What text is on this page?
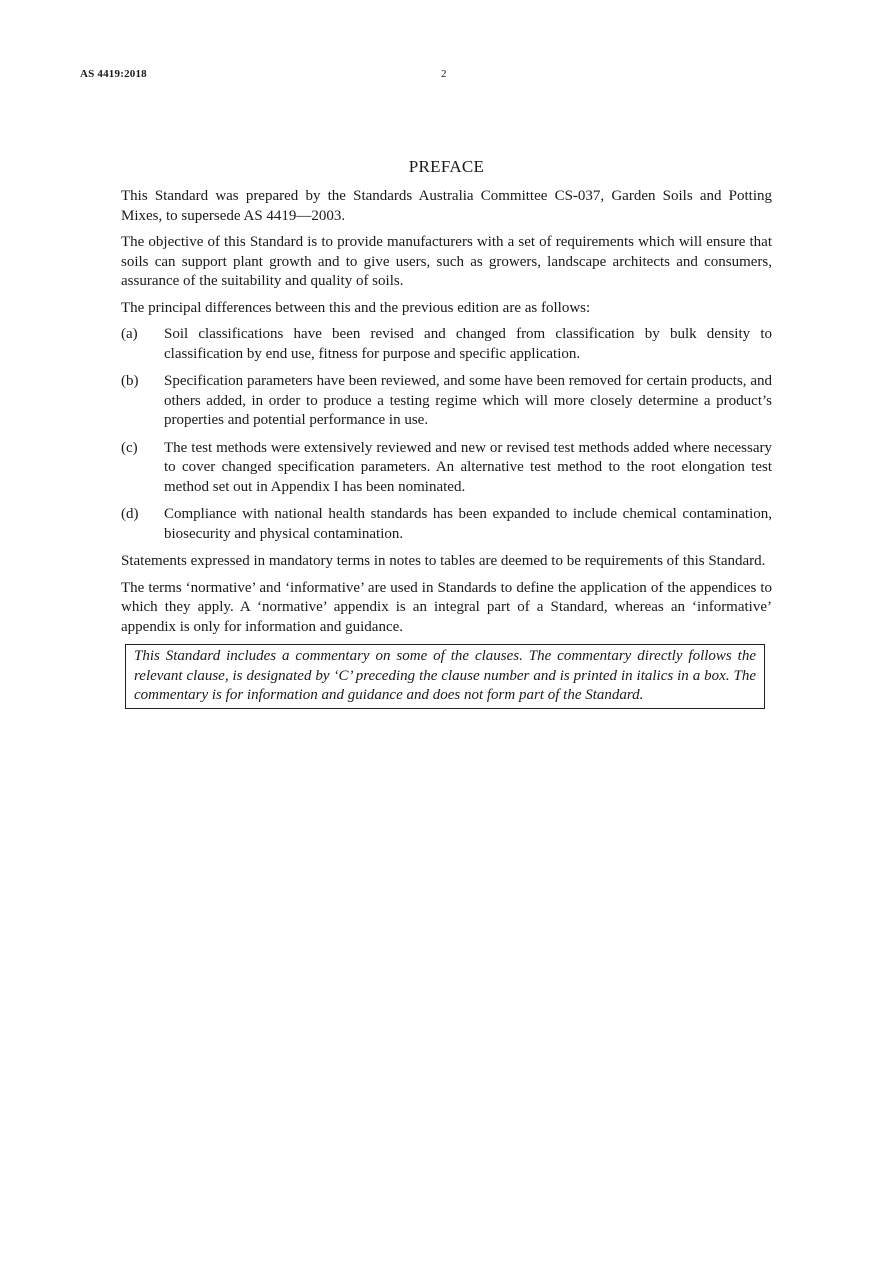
AS 4419:2018	2
PREFACE

This Standard was prepared by the Standards Australia Committee CS-037, Garden Soils and Potting Mixes, to supersede AS 4419—2003.

The objective of this Standard is to provide manufacturers with a set of requirements which will ensure that soils can support plant growth and to give users, such as growers, landscape architects and consumers, assurance of the suitability and quality of soils.

The principal differences between this and the previous edition are as follows:

(a)	Soil classifications have been revised and changed from classification by bulk density to classification by end use, fitness for purpose and specific application.
(b)	Specification parameters have been reviewed, and some have been removed for certain products, and others added, in order to produce a testing regime which will more closely determine a product’s properties and potential performance in use.
(c)	The test methods were extensively reviewed and new or revised test methods added where necessary to cover changed specification parameters. An alternative test method to the root elongation test method set out in Appendix I has been nominated.
(d)	Compliance with national health standards has been expanded to include chemical contamination, biosecurity and physical contamination.

Statements expressed in mandatory terms in notes to tables are deemed to be requirements of this Standard.

The terms ‘normative’ and ‘informative’ are used in Standards to define the application of the appendices to which they apply. A ‘normative’ appendix is an integral part of a Standard, whereas an ‘informative’ appendix is only for information and guidance.

This Standard includes a commentary on some of the clauses. The commentary directly follows the relevant clause, is designated by ‘C’ preceding the clause number and is printed in italics in a box. The commentary is for information and guidance and does not form part of the Standard.
